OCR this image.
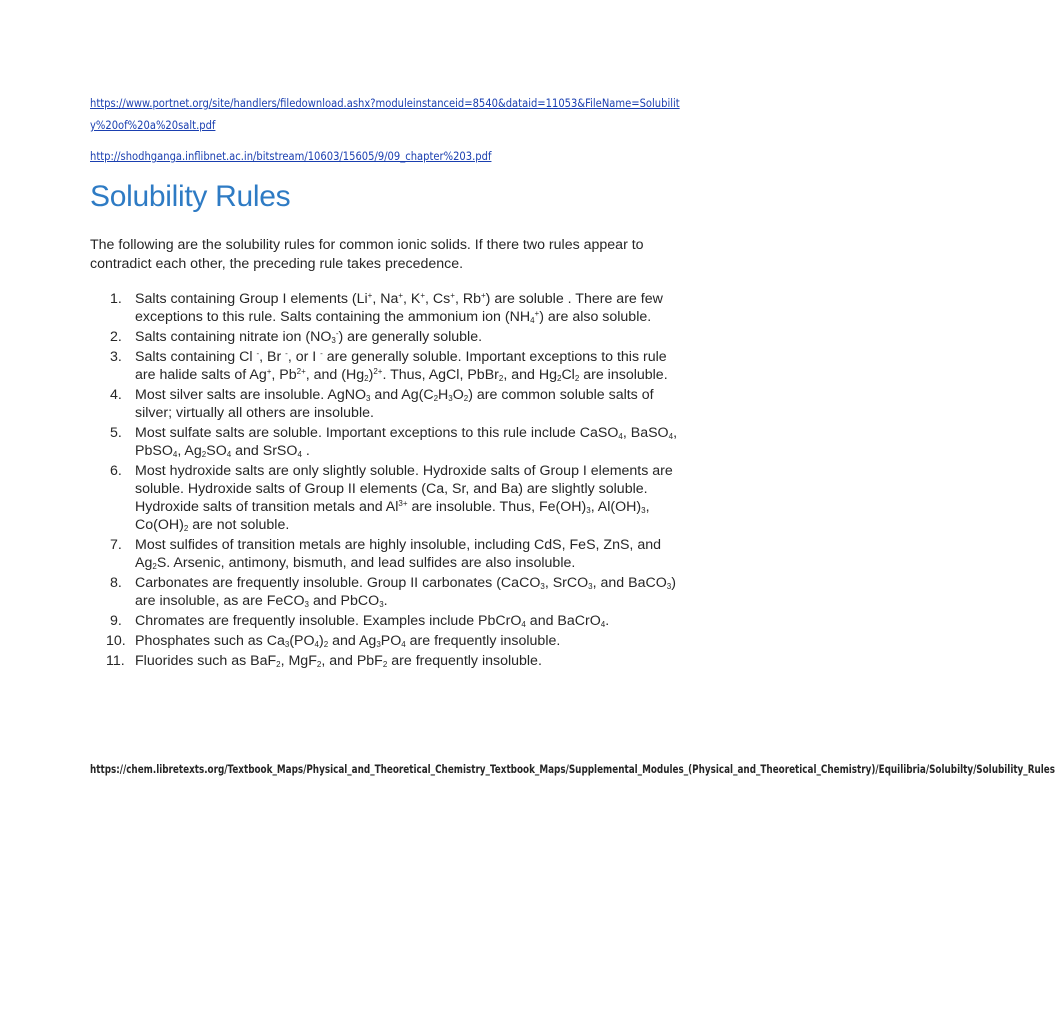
https://www.portnet.org/site/handlers/filedownload.ashx?moduleinstanceid=8540&dataid=11053&FileName=Solubility%20of%20a%20salt.pdf
http://shodhganga.inflibnet.ac.in/bitstream/10603/15605/9/09_chapter%203.pdf
Solubility Rules

The following are the solubility rules for common ionic solids. If there two rules appear to contradict each other, the preceding rule takes precedence.

1. Salts containing Group I elements (Li+, Na+, K+, Cs+, Rb+) are soluble . There are few exceptions to this rule. Salts containing the ammonium ion $(NH_4^+)$ are also soluble.
2. Salts containing nitrate ion $(NO_3^-)$ are generally soluble.
3. Salts containing Cl -, Br -, or I - are generally soluble. Important exceptions to this rule are halide salts of Ag+, $Pb^{2+}$, and $(Hg_2)^{2+}$. Thus, AgCl, PbBr$_2$, and $Hg_2Cl_2$ are insoluble.
4. Most silver salts are insoluble. AgNO$_3$ and $Ag(C_2H_3O_2)$ are common soluble salts of silver; virtually all others are insoluble.
5. Most sulfate salts are soluble. Important exceptions to this rule include CaSO$_4$, BaSO$_4$, PbSO$_4$, $Ag_2SO_4$ and SrSO$_4$ .
6. Most hydroxide salts are only slightly soluble. Hydroxide salts of Group I elements are soluble. Hydroxide salts of Group II elements (Ca, Sr, and Ba) are slightly soluble. Hydroxide salts of transition metals and $Al^{3+}$ are insoluble. Thus, $Fe(OH)_3$, $Al(OH)_3$, $Co(OH)_2$ are not soluble.
7. Most sulfides of transition metals are highly insoluble, including CdS, FeS, ZnS, and $Ag_2S$. Arsenic, antimony, bismuth, and lead sulfides are also insoluble.
8. Carbonates are frequently insoluble. Group II carbonates (CaCO$_3$, SrCO$_3$, and BaCO$_3$) are insoluble, as are FeCO$_3$ and PbCO$_3$.
9. Chromates are frequently insoluble. Examples include PbCrO$_4$ and BaCrO$_4$.
10. Phosphates such as $Ca_3(PO_4)_2$ and $Ag_3PO_4$ are frequently insoluble.
11. Fluorides such as BaF$_2$, MgF$_2$, and PbF$_2$ are frequently insoluble.
https://chem.libretexts.org/Textbook_Maps/Physical_and_Theoretical_Chemistry_Textbook_Maps/Supplemental_Modules_(Physical_and_Theoretical_Chemistry)/Equilibria/Solubilty/Solubility_Rules
